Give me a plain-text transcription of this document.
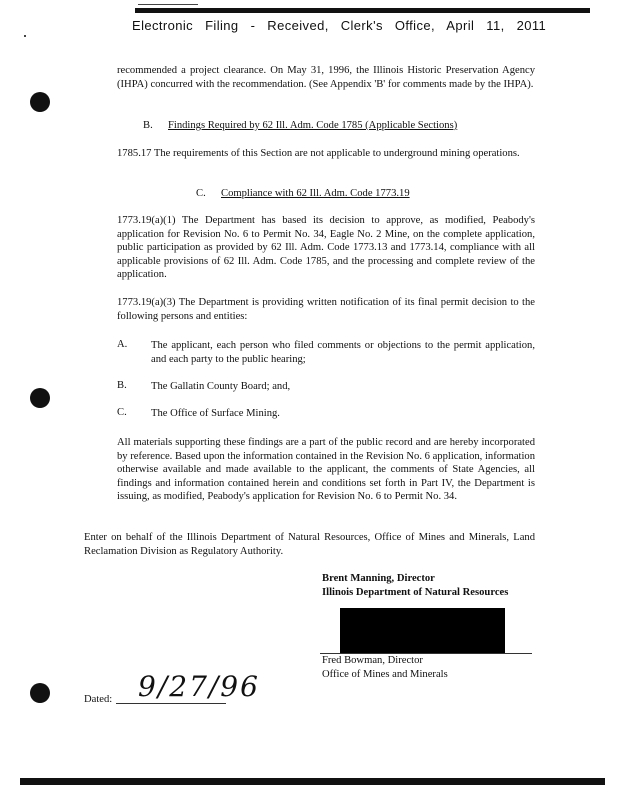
Electronic Filing - Received, Clerk's Office, April 11, 2011
recommended a project clearance. On May 31, 1996, the Illinois Historic Preservation Agency (IHPA) concurred with the recommendation. (See Appendix 'B' for comments made by the IHPA).
B. Findings Required by 62 Ill. Adm. Code 1785 (Applicable Sections)
1785.17 The requirements of this Section are not applicable to underground mining operations.
C. Compliance with 62 Ill. Adm. Code 1773.19
1773.19(a)(1) The Department has based its decision to approve, as modified, Peabody's application for Revision No. 6 to Permit No. 34, Eagle No. 2 Mine, on the complete application, public participation as provided by 62 Ill. Adm. Code 1773.13 and 1773.14, compliance with all applicable provisions of 62 Ill. Adm. Code 1785, and the processing and complete review of the application.
1773.19(a)(3) The Department is providing written notification of its final permit decision to the following persons and entities:
A. The applicant, each person who filed comments or objections to the permit application, and each party to the public hearing;
B. The Gallatin County Board; and,
C. The Office of Surface Mining.
All materials supporting these findings are a part of the public record and are hereby incorporated by reference. Based upon the information contained in the Revision No. 6 application, information otherwise available and made available to the applicant, the comments of State Agencies, all findings and information contained herein and conditions set forth in Part IV, the Department is issuing, as modified, Peabody's application for Revision No. 6 to Permit No. 34.
Enter on behalf of the Illinois Department of Natural Resources, Office of Mines and Minerals, Land Reclamation Division as Regulatory Authority.
Brent Manning, Director
Illinois Department of Natural Resources
Fred Bowman, Director
Office of Mines and Minerals
Dated: 9/27/96
